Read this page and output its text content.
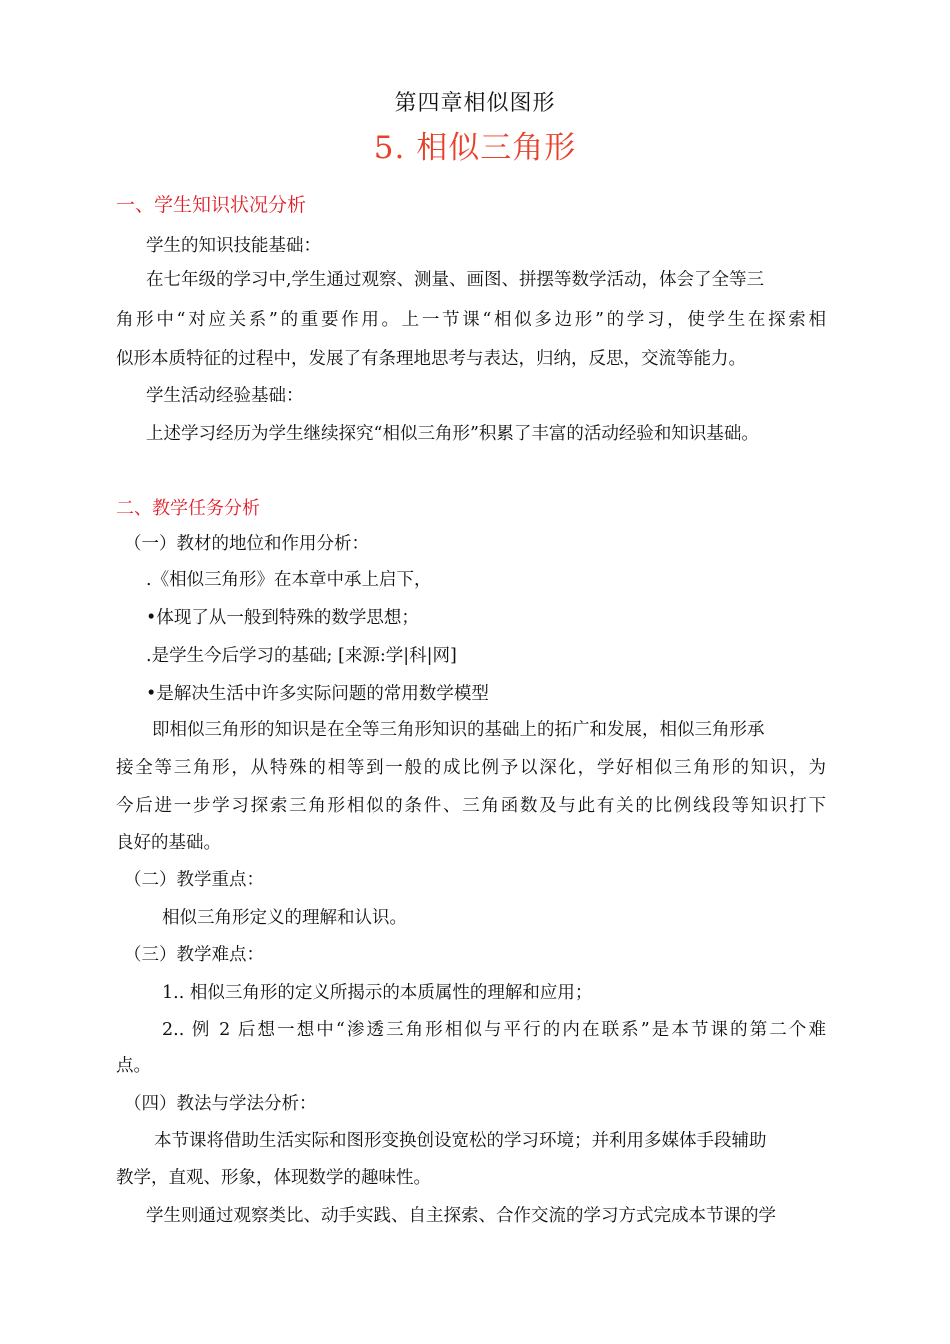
第四章相似图形
5. 相似三角形
一、学生知识状况分析
学生的知识技能基础：
在七年级的学习中,学生通过观察、测量、画图、拼摆等数学活动，体会了全等三
角形中“对应关系”的重要作用。上一节课“相似多边形”的学习，使学生在探索相
似形本质特征的过程中，发展了有条理地思考与表达，归纳，反思，交流等能力。
学生活动经验基础：
上述学习经历为学生继续探究“相似三角形”积累了丰富的活动经验和知识基础。
二、教学任务分析
（一）教材的地位和作用分析：
.《相似三角形》在本章中承上启下，
•体现了从一般到特殊的数学思想；
.是学生今后学习的基础; [来源:学|科|网]
•是解决生活中许多实际问题的常用数学模型
即相似三角形的知识是在全等三角形知识的基础上的拓广和发展，相似三角形承
接全等三角形，从特殊的相等到一般的成比例予以深化，学好相似三角形的知识，为
今后进一步学习探索三角形相似的条件、三角函数及与此有关的比例线段等知识打下
良好的基础。
（二）教学重点：
相似三角形定义的理解和认识。
（三）教学难点：
1.. 相似三角形的定义所揭示的本质属性的理解和应用；
2.. 例 2 后想一想中“渗透三角形相似与平行的内在联系”是本节课的第二个难
点。
（四）教法与学法分析：
本节课将借助生活实际和图形变换创设宽松的学习环境；并利用多媒体手段辅助
教学，直观、形象，体现数学的趣味性。
学生则通过观察类比、动手实践、自主探索、合作交流的学习方式完成本节课的学
